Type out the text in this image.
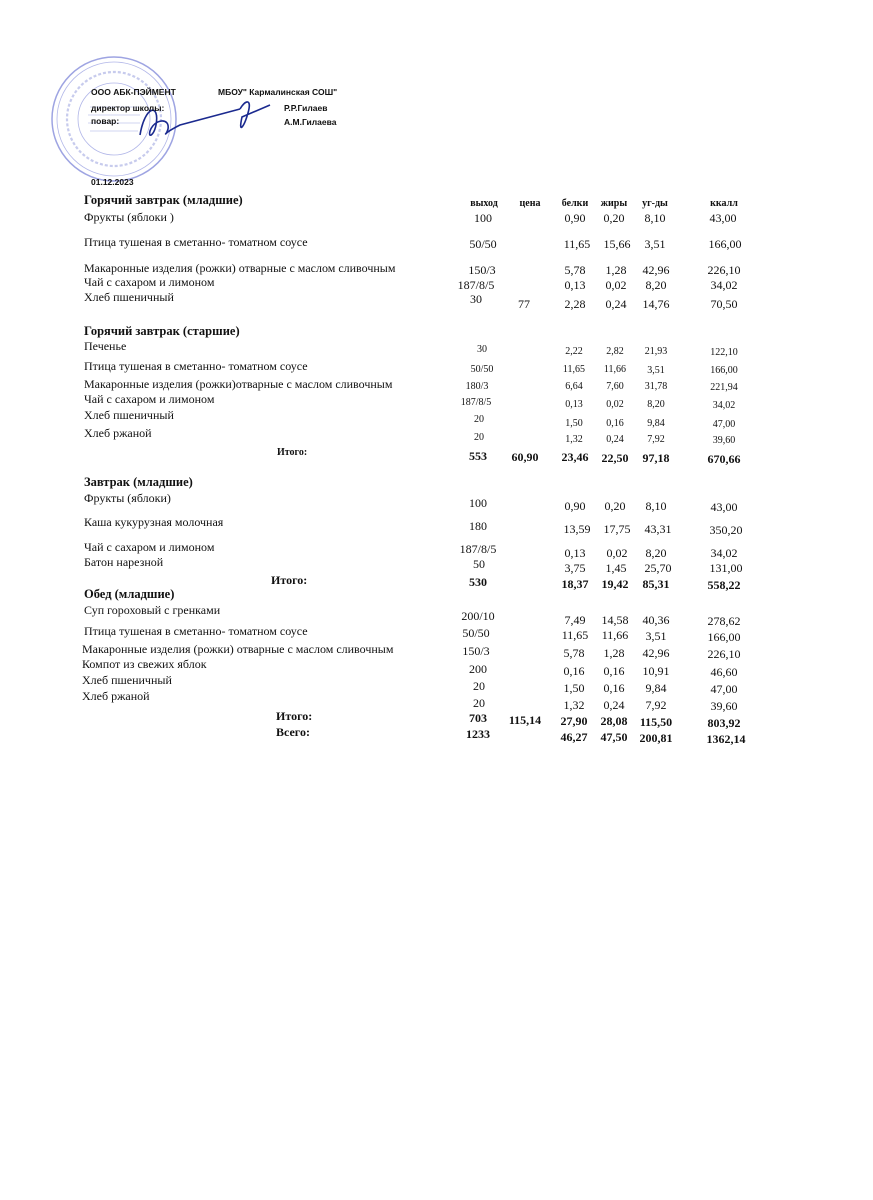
ООО АБК-ПЭЙМЕНТ	МБОУ" Кармалинская СОШ"
директор школы:	Р.Р.Гилаев
повар:	А.М.Гилаева
01.12.2023
выход	цена	белки	жиры	уг-ды	ккалл
Горячий завтрак (младшие)
Фрукты (яблоки )	100	0,90	0,20	8,10	43,00
Птица тушеная в сметанно- томатном соусе	50/50	11,65	15,66	3,51	166,00
Макаронные изделия (рожки) отварные с маслом сливочным	150/3	5,78	1,28	42,96	226,10
Чай с сахаром и лимоном	187/8/5	0,13	0,02	8,20	34,02
Хлеб пшеничный	30	77	2,28	0,24	14,76	70,50
Горячий завтрак (старшие)
Печенье	30	2,22	2,82	21,93	122,10
Птица тушеная в сметанно- томатном соусе	50/50	11,65	11,66	3,51	166,00
Макаронные изделия (рожки)отварные с маслом сливочным	180/3	6,64	7,60	31,78	221,94
Чай с сахаром и лимоном	187/8/5	0,13	0,02	8,20	34,02
Хлеб пшеничный	20	1,50	0,16	9,84	47,00
Хлеб ржаной	20	1,32	0,24	7,92	39,60
Итого:	553	60,90	23,46	22,50	97,18	670,66
Завтрак (младшие)
Фрукты (яблоки)	100	0,90	0,20	8,10	43,00
Каша кукурузная молочная	180	13,59	17,75	43,31	350,20
Чай с сахаром и лимоном	187/8/5	0,13	0,02	8,20	34,02
Батон нарезной	50	3,75	1,45	25,70	131,00
Итого:	530	18,37	19,42	85,31	558,22
Обед (младшие)
Суп гороховый с гренками	200/10	7,49	14,58	40,36	278,62
Птица тушеная в сметанно- томатном соусе	50/50	11,65	11,66	3,51	166,00
Макаронные изделия (рожки) отварные с маслом сливочным	150/3	5,78	1,28	42,96	226,10
Компот из свежих яблок	200	0,16	0,16	10,91	46,60
Хлеб пшеничный	20	1,50	0,16	9,84	47,00
Хлеб ржаной	20	1,32	0,24	7,92	39,60
Итого:	703	115,14	27,90	28,08	115,50	803,92
Всего:	1233	46,27	47,50	200,81	1362,14
